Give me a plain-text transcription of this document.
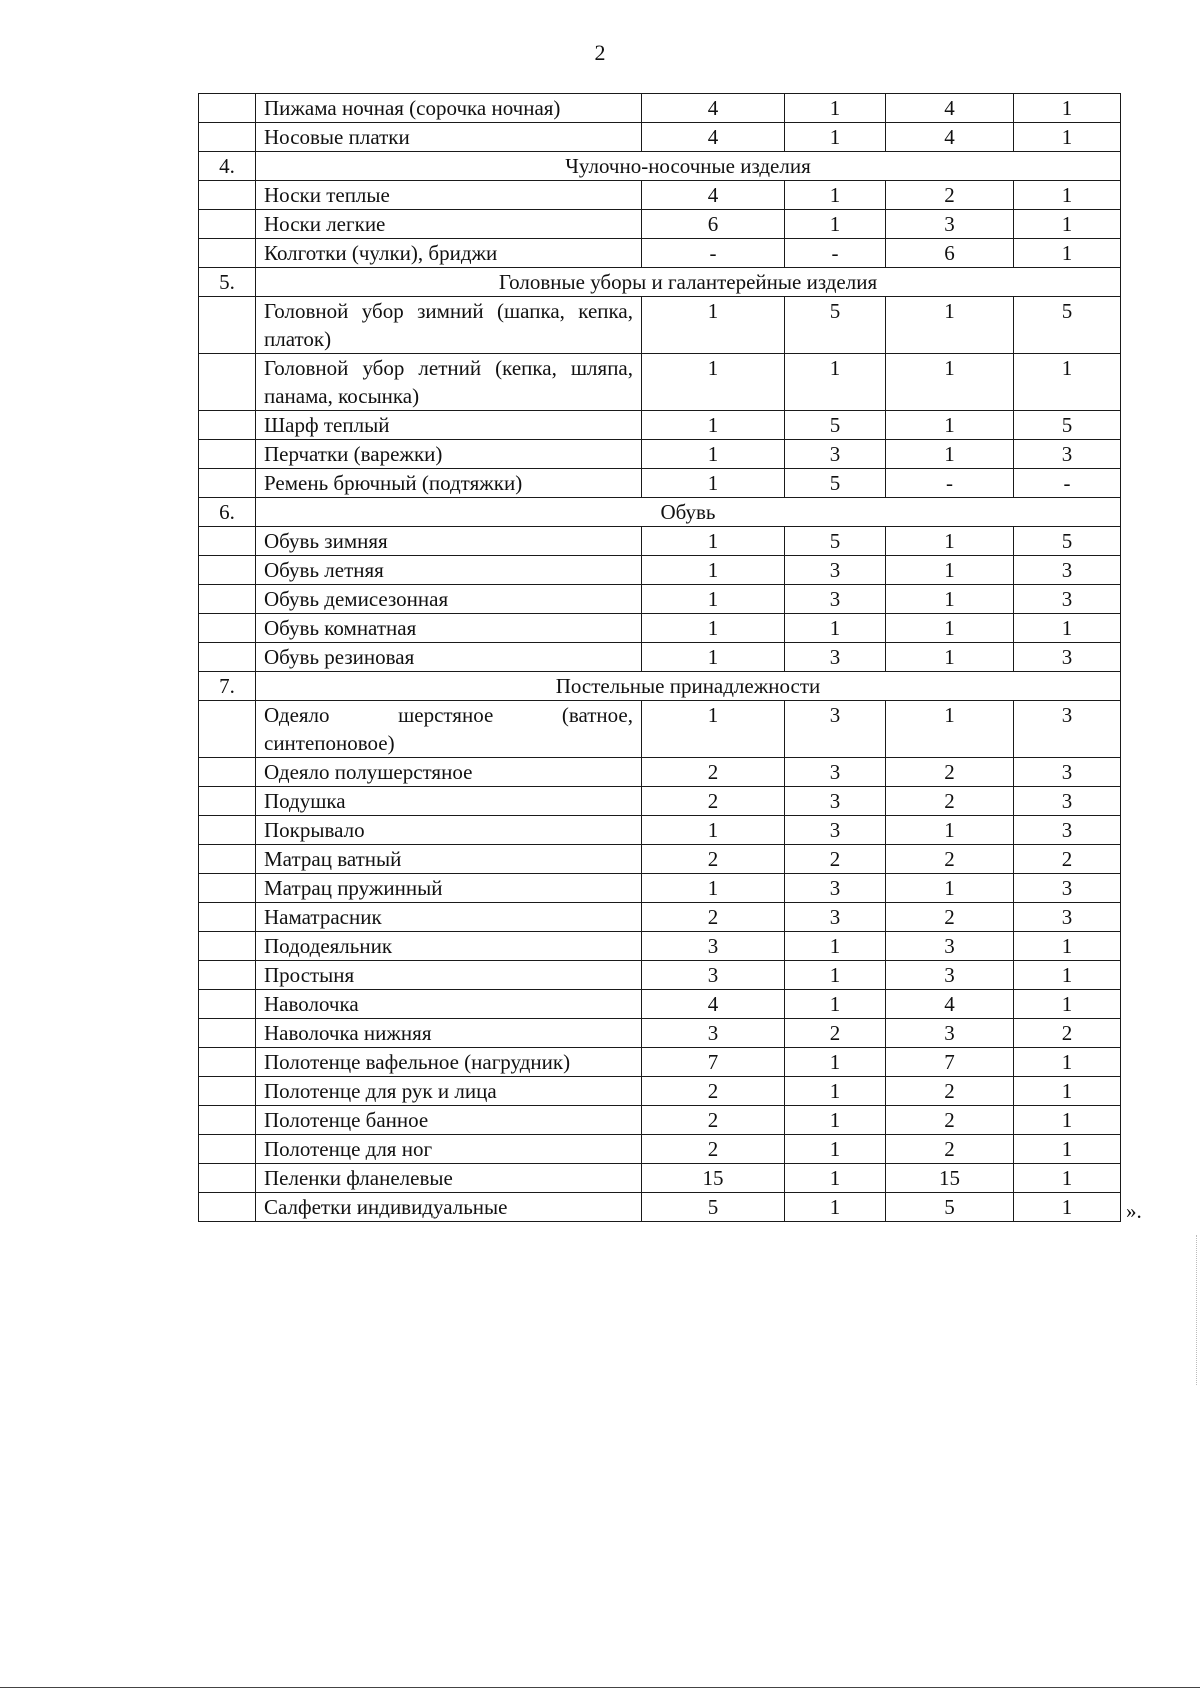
2
	Пижама ночная (сорочка ночная)	4	1	4	1
	Носовые платки	4	1	4	1
4.	Чулочно-носочные изделия				
	Носки теплые	4	1	2	1
	Носки легкие	6	1	3	1
	Колготки (чулки), бриджи	-	-	6	1
5.	Головные уборы и галантерейные изделия				
	Головной убор зимний (шапка, кепка, платок)	1	5	1	5
	Головной убор летний (кепка, шляпа, панама, косынка)	1	1	1	1
	Шарф теплый	1	5	1	5
	Перчатки (варежки)	1	3	1	3
	Ремень брючный (подтяжки)	1	5	-	-
6.	Обувь				
	Обувь зимняя	1	5	1	5
	Обувь летняя	1	3	1	3
	Обувь демисезонная	1	3	1	3
	Обувь комнатная	1	1	1	1
	Обувь резиновая	1	3	1	3
7.	Постельные принадлежности				
	Одеяло шерстяное (ватное, синтепоновое)	1	3	1	3
	Одеяло полушерстяное	2	3	2	3
	Подушка	2	3	2	3
	Покрывало	1	3	1	3
	Матрац ватный	2	2	2	2
	Матрац пружинный	1	3	1	3
	Наматрасник	2	3	2	3
	Пододеяльник	3	1	3	1
	Простыня	3	1	3	1
	Наволочка	4	1	4	1
	Наволочка нижняя	3	2	3	2
	Полотенце вафельное (нагрудник)	7	1	7	1
	Полотенце для рук и лица	2	1	2	1
	Полотенце банное	2	1	2	1
	Полотенце для ног	2	1	2	1
	Пеленки фланелевые	15	1	15	1
	Салфетки индивидуальные	5	1	5	1	».
